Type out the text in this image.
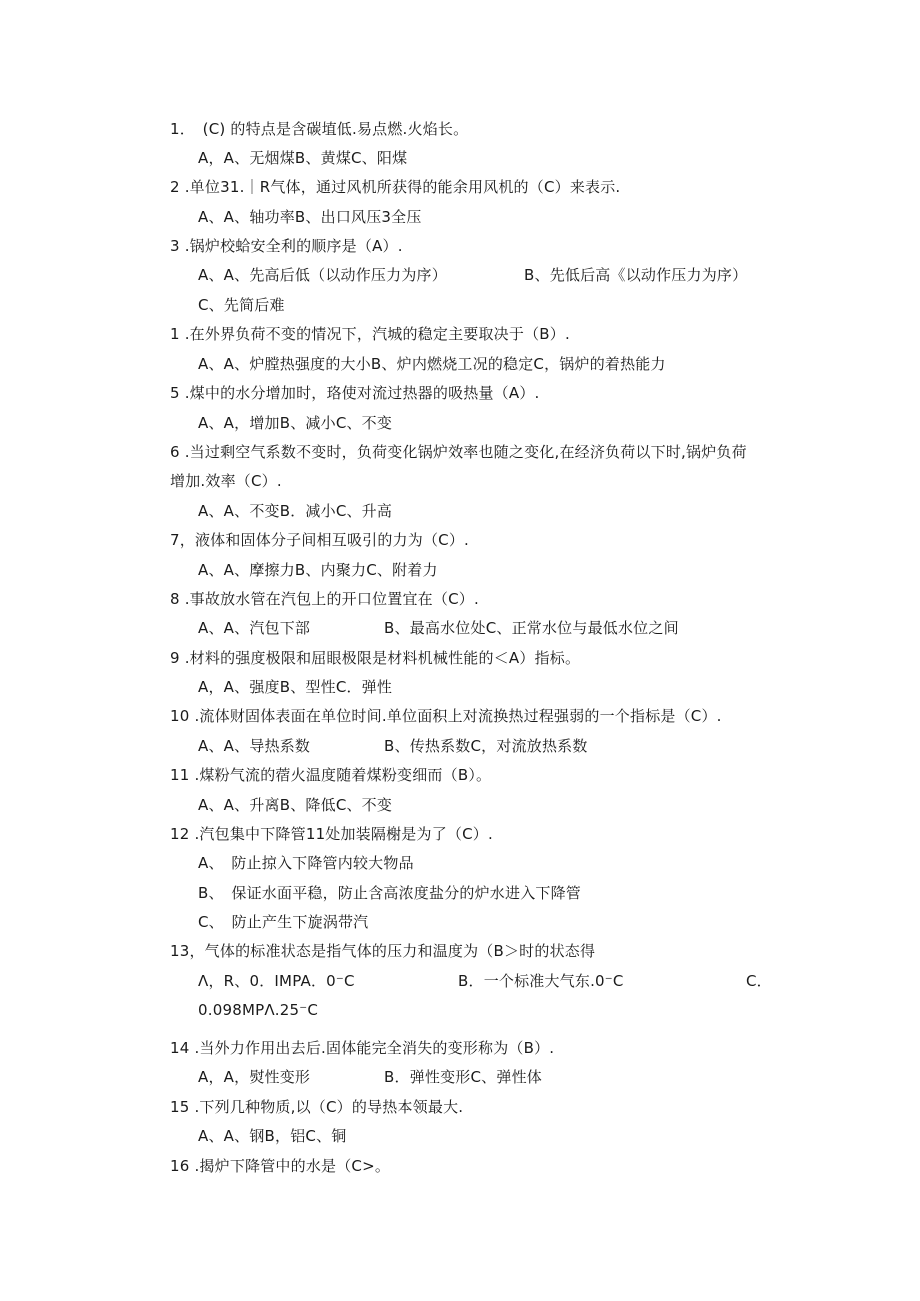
1．　(C) 的特点是含碳埴低.易点燃.火焰长。
A，A、无烟煤B、黄煤C、阳煤
2 .单位31.｜R气体，通过风机所获得的能余用风机的（C）来表示.
A、A、轴功率B、出口风压3全压
3 .锅炉校蛤安全利的顺序是（A）.
A、A、先高后低（以动作压力为序）	B、先低后高《以动作压力为序）
C、先简后难
1 .在外界负荷不变的情况下，汽城的稳定主要取决于（B）.
A、A、炉膛热强度的大小B、炉内燃烧工况的稳定C，锅炉的着热能力
5 .煤中的水分增加时，珞使对流过热器的吸热量（A）.
A、A，增加B、减小C、不变
6 .当过剩空气系数不变时，负荷变化锅炉效率也随之变化,在经济负荷以下时,锅炉负荷
增加.效率（C）.
A、A、不变B．减小C、升高
7，液体和固体分子间相互吸引的力为（C）.
A、A、摩擦力B、内聚力C、附着力
8 .事故放水管在汽包上的开口位置宜在（C）.
A、A、汽包下部	B、最高水位处C、正常水位与最低水位之间
9 .材料的强度极限和屈眼极限是材料机械性能的＜A）指标。
A，A、强度B、型性C．弹性
10 .流体财固体表面在单位时间.单位面积上对流换热过程强弱的一个指标是（C）.
A、A、导热系数	B、传热系数C，对流放热系数
11 .煤粉气流的蓿火温度随着煤粉变细而（B）。
A、A、升离B、降低C、不变
12 .汽包集中下降管11处加装隔榭是为了（C）.
A、　防止掠入下降管内较大物品
B、　保证水面平稳，防止含高浓度盐分的炉水进入下降管
C、　防止产生下旋涡带汽
13，气体的标准状态是指气体的压力和温度为（B＞时的状态得
Λ，R、0．IMPA．0⁻C	B．一个标准大气东.0⁻C	C．
0.098MPΛ.25⁻C
14 .当外力作用出去后.固体能完全消失的变形称为（B）.
A，A，熨性变形	B．弹性变形C、弹性体
15 .下列几种物质,以（C）的导热本领最大.
A、A、钢B，铝C、铜
16 .揭炉下降管中的水是（C>。
